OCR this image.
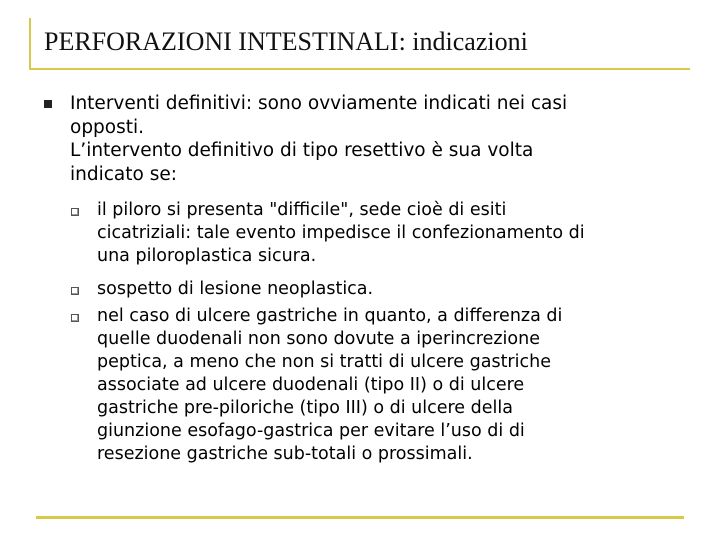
PERFORAZIONI INTESTINALI: indicazioni
Interventi definitivi: sono ovviamente indicati nei casi
opposti.
L’intervento definitivo di tipo resettivo è sua volta
indicato se:
il piloro si presenta "difficile", sede cioè di esiti
cicatriziali: tale evento impedisce il confezionamento di
una piloroplastica sicura.
sospetto di lesione neoplastica.
nel caso di ulcere gastriche in quanto, a differenza di
quelle duodenali non sono dovute a iperincrezione
peptica, a meno che non si tratti di ulcere gastriche
associate ad ulcere duodenali (tipo II) o di ulcere
gastriche pre-piloriche (tipo III) o di ulcere della
giunzione esofago-gastrica per evitare l’uso di di
resezione gastriche sub-totali o prossimali.
